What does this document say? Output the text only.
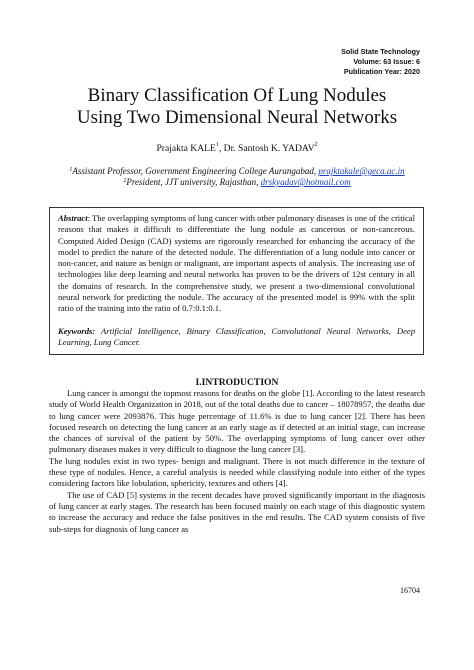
Solid State Technology
Volume: 63 Issue: 6
Publication Year: 2020
Binary Classification Of Lung Nodules
Using Two Dimensional Neural Networks
Prajakta KALE$^1$, Dr. Santosh K. YADAV$^2$
$^1$Assistant Professor, Government Engineering College Aurangabad, prajktakale@geca.ac.in
$^2$President, JJT university, Rajasthan, drskyadav@hotmail.com

Abstract: The overlapping symptoms of lung cancer with other pulmonary diseases is one of the critical reasons that makes it difficult to differentiate the lung nodule as cancerous or non-cancerous. Computed Aided Design (CAD) systems are rigorously researched for enhancing the accuracy of the model to predict the nature of the detected nodule. The differentiation of a lung nodule into cancer or non-cancer, and nature as benign or malignant, are important aspects of analysis. The increasing use of technologies like deep learning and neural networks has proven to be the drivers of 12st century in all the domains of research. In the comprehensive study, we present a two-dimensional convolutional neural network for predicting the nodule. The accuracy of the presented model is 99% with the split ratio of the training into the ratio of 0.7:0.1:0.1.

Keywords: Artificial Intelligence, Binary Classification, Convolutional Neural Networks, Deep Learning, Lung Cancer.

I.INTRODUCTION

Lung cancer is amongst the topmost reasons for deaths on the globe [1]. According to the latest research study of World Health Organization in 2018, out of the total deaths due to cancer – 18078957, the deaths due to lung cancer were 2093876. This huge percentage of 11.6% is due to lung cancer [2]. There has been focused research on detecting the lung cancer at an early stage as if detected at an initial stage, can increase the chances of survival of the patient by 50%. The overlapping symptoms of lung cancer over other pulmonary diseases makes it very difficult to diagnose the lung cancer [3].

The lung nodules exist in two types- benign and malignant. There is not much difference in the texture of these type of nodules. Hence, a careful analysis is needed while classifying nodule into either of the types considering factors like lobulation, sphericity, textures and others [4].

The use of CAD [5] systems in the recent decades have proved significantly important in the diagnosis of lung cancer at early stages. The research has been focused mainly on each stage of this diagnostic system to increase the accuracy and reduce the false positives in the end results. The CAD system consists of five sub-steps for diagnosis of lung cancer as

16704
